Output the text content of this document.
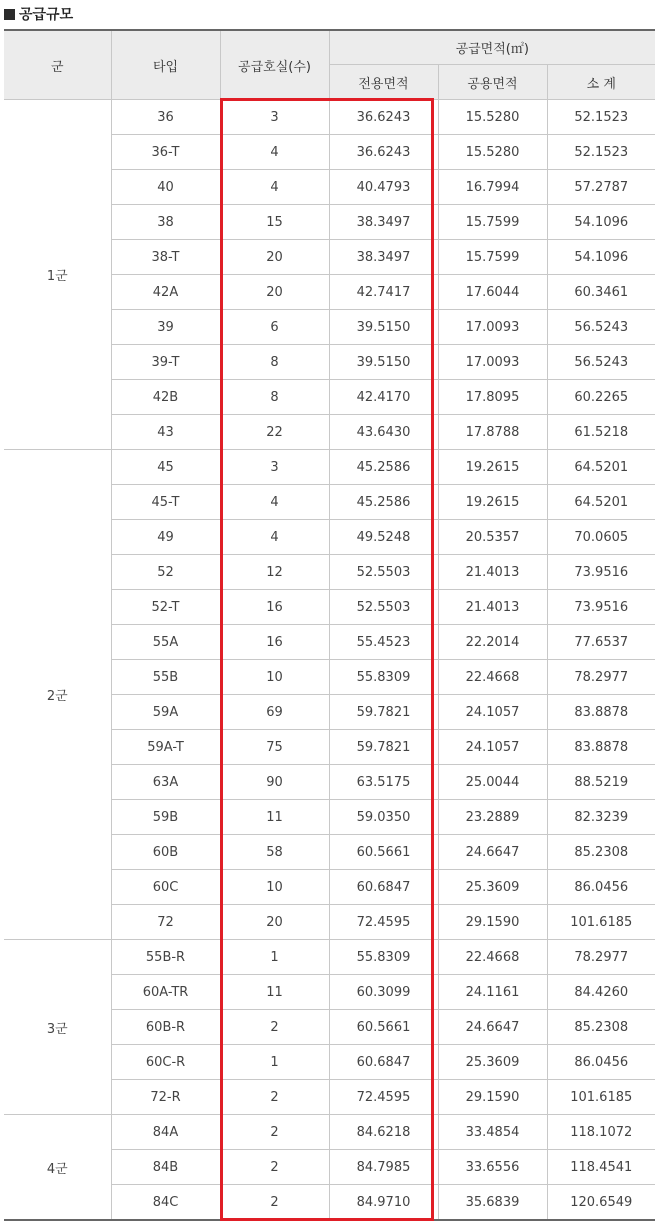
공급규모
군	타입	공급호실(수)	공급면적(㎡)		
			전용면적	공용면적	소 계
1군	36	3	36.6243	15.5280	52.1523
	36-T	4	36.6243	15.5280	52.1523
	40	4	40.4793	16.7994	57.2787
	38	15	38.3497	15.7599	54.1096
	38-T	20	38.3497	15.7599	54.1096
	42A	20	42.7417	17.6044	60.3461
	39	6	39.5150	17.0093	56.5243
	39-T	8	39.5150	17.0093	56.5243
	42B	8	42.4170	17.8095	60.2265
	43	22	43.6430	17.8788	61.5218
2군	45	3	45.2586	19.2615	64.5201
	45-T	4	45.2586	19.2615	64.5201
	49	4	49.5248	20.5357	70.0605
	52	12	52.5503	21.4013	73.9516
	52-T	16	52.5503	21.4013	73.9516
	55A	16	55.4523	22.2014	77.6537
	55B	10	55.8309	22.4668	78.2977
	59A	69	59.7821	24.1057	83.8878
	59A-T	75	59.7821	24.1057	83.8878
	63A	90	63.5175	25.0044	88.5219
	59B	11	59.0350	23.2889	82.3239
	60B	58	60.5661	24.6647	85.2308
	60C	10	60.6847	25.3609	86.0456
	72	20	72.4595	29.1590	101.6185
3군	55B-R	1	55.8309	22.4668	78.2977
	60A-TR	11	60.3099	24.1161	84.4260
	60B-R	2	60.5661	24.6647	85.2308
	60C-R	1	60.6847	25.3609	86.0456
	72-R	2	72.4595	29.1590	101.6185
4군	84A	2	84.6218	33.4854	118.1072
	84B	2	84.7985	33.6556	118.4541
	84C	2	84.9710	35.6839	120.6549
